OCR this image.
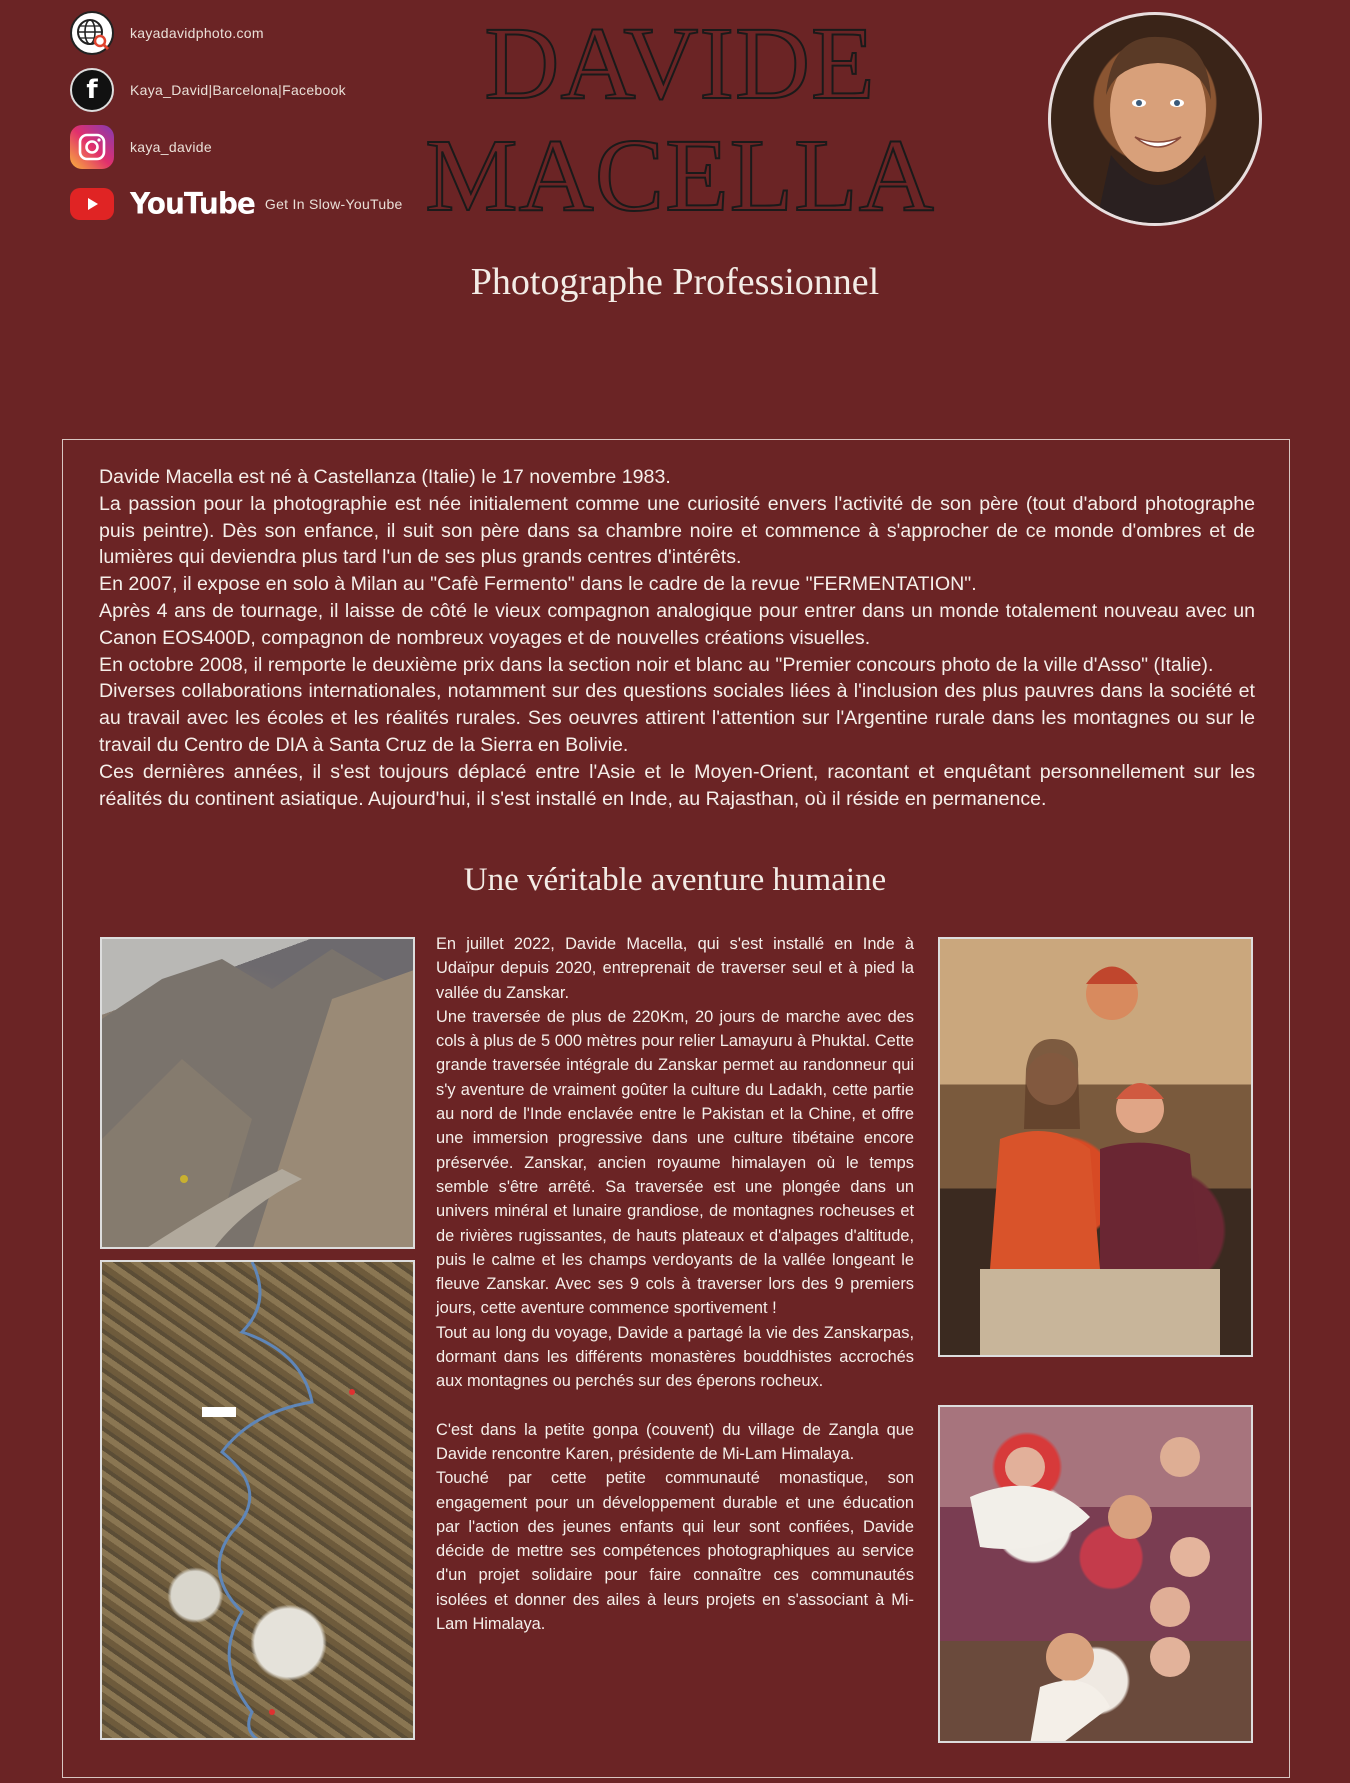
kayadavidphoto.com
f	Kaya_David|Barcelona|Facebook
kaya_davide
YouTube Get In Slow-YouTube
DAVIDE
MACELLA
Photographe Professionnel

Davide Macella est né à Castellanza (Italie) le 17 novembre 1983.

La passion pour la photographie est née initialement comme une curiosité envers l'activité de son père (tout d'abord photographe puis peintre). Dès son enfance, il suit son père dans sa chambre noire et commence à s'approcher de ce monde d'ombres et de lumières qui deviendra plus tard l'un de ses plus grands centres d'intérêts.

En 2007, il expose en solo à Milan au "Cafè Fermento" dans le cadre de la revue "FERMENTATION".

Après 4 ans de tournage, il laisse de côté le vieux compagnon analogique pour entrer dans un monde totalement nouveau avec un Canon EOS400D, compagnon de nombreux voyages et de nouvelles créations visuelles.

En octobre 2008, il remporte le deuxième prix dans la section noir et blanc au "Premier concours photo de la ville d'Asso" (Italie).

Diverses collaborations internationales, notamment sur des questions sociales liées à l'inclusion des plus pauvres dans la société et au travail avec les écoles et les réalités rurales. Ses oeuvres attirent l'attention sur l'Argentine rurale dans les montagnes ou sur le travail du Centro de DIA à Santa Cruz de la Sierra en Bolivie.

Ces dernières années, il s'est toujours déplacé entre l'Asie et le Moyen-Orient, racontant et enquêtant personnellement sur les réalités du continent asiatique. Aujourd'hui, il s'est installé en Inde, au Rajasthan, où il réside en permanence.

Une véritable aventure humaine

En juillet 2022, Davide Macella, qui s'est installé en Inde à Udaïpur depuis 2020, entreprenait de traverser seul et à pied la vallée du Zanskar.

Une traversée de plus de 220Km, 20 jours de marche avec des cols à plus de 5 000 mètres pour relier Lamayuru à Phuktal. Cette grande traversée intégrale du Zanskar permet au randonneur qui s'y aventure de vraiment goûter la culture du Ladakh, cette partie au nord de l'Inde enclavée entre le Pakistan et la Chine, et offre une immersion progressive dans une culture tibétaine encore préservée. Zanskar, ancien royaume himalayen où le temps semble s'être arrêté. Sa traversée est une plongée dans un univers minéral et lunaire grandiose, de montagnes rocheuses et de rivières rugissantes, de hauts plateaux et d'alpages d'altitude, puis le calme et les champs verdoyants de la vallée longeant le fleuve Zanskar. Avec ses 9 cols à traverser lors des 9 premiers jours, cette aventure commence sportivement !

Tout au long du voyage, Davide a partagé la vie des Zanskarpas, dormant dans les différents monastères bouddhistes accrochés aux montagnes ou perchés sur des éperons rocheux.

C'est dans la petite gonpa (couvent) du village de Zangla que Davide rencontre Karen, présidente de Mi-Lam Himalaya.

Touché par cette petite communauté monastique, son engagement pour un développement durable et une éducation par l'action des jeunes enfants qui leur sont confiées, Davide décide de mettre ses compétences photographiques au service d'un projet solidaire pour faire connaître ces communautés isolées et donner des ailes à leurs projets en s'associant à Mi-Lam Himalaya.
